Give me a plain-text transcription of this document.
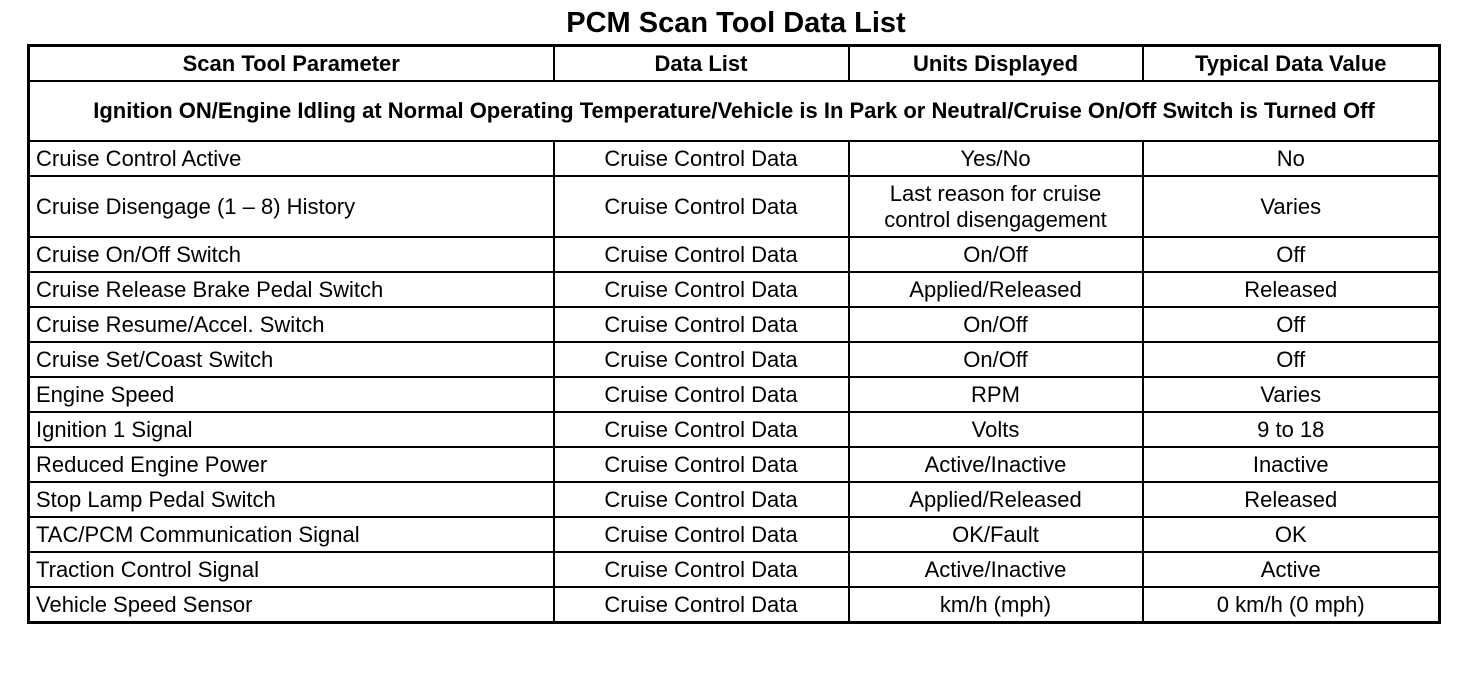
PCM Scan Tool Data List
Scan Tool Parameter	Data List	Units Displayed	Typical Data Value
Ignition ON/Engine Idling at Normal Operating Temperature/Vehicle is In Park or Neutral/Cruise On/Off Switch is Turned Off			
Cruise Control Active	Cruise Control Data	Yes/No	No
Cruise Disengage (1 – 8) History	Cruise Control Data	Last reason for cruise control disengagement	Varies
Cruise On/Off Switch	Cruise Control Data	On/Off	Off
Cruise Release Brake Pedal Switch	Cruise Control Data	Applied/Released	Released
Cruise Resume/Accel. Switch	Cruise Control Data	On/Off	Off
Cruise Set/Coast Switch	Cruise Control Data	On/Off	Off
Engine Speed	Cruise Control Data	RPM	Varies
Ignition 1 Signal	Cruise Control Data	Volts	9 to 18
Reduced Engine Power	Cruise Control Data	Active/Inactive	Inactive
Stop Lamp Pedal Switch	Cruise Control Data	Applied/Released	Released
TAC/PCM Communication Signal	Cruise Control Data	OK/Fault	OK
Traction Control Signal	Cruise Control Data	Active/Inactive	Active
Vehicle Speed Sensor	Cruise Control Data	km/h (mph)	0 km/h (0 mph)
